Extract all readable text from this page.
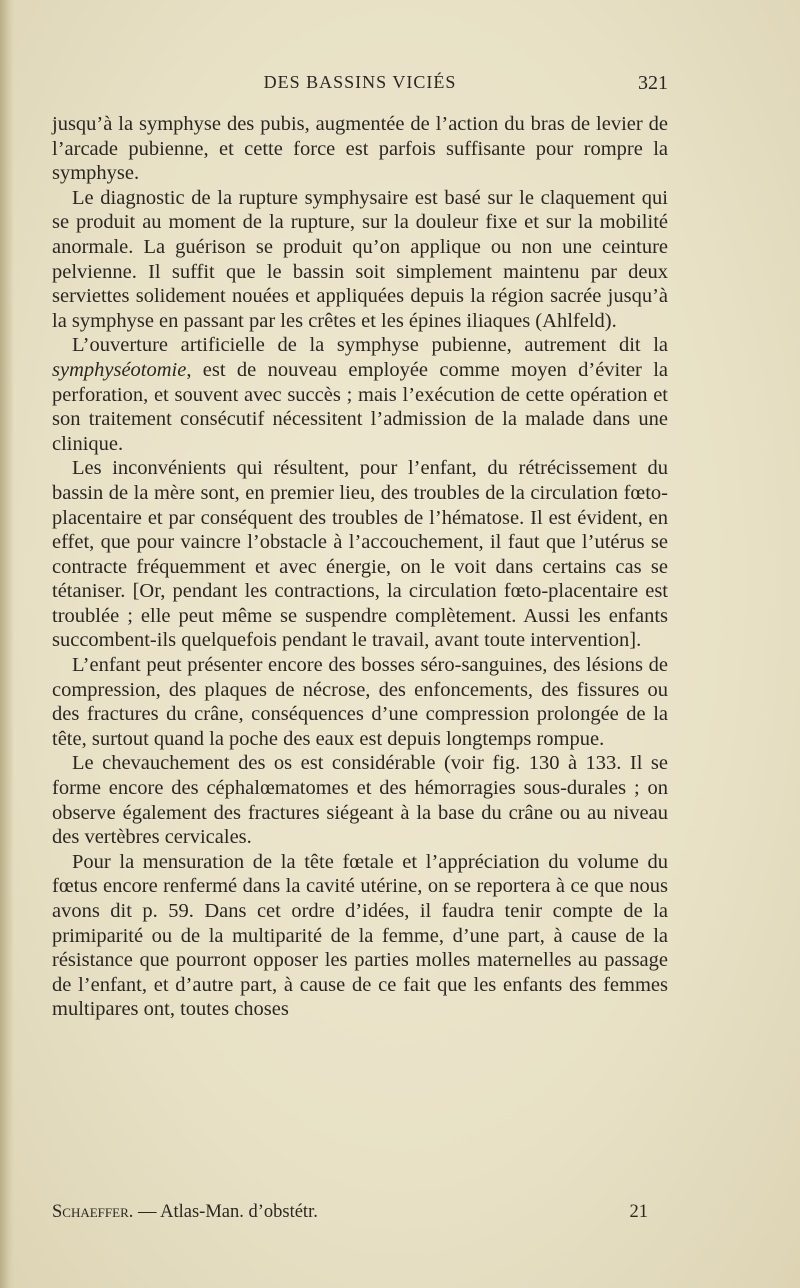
DES BASSINS VICIÉS	321

jusqu’à la symphyse des pubis, augmentée de l’action du bras de levier de l’arcade pubienne, et cette force est parfois suffisante pour rompre la symphyse.

Le diagnostic de la rupture symphysaire est basé sur le claquement qui se produit au moment de la rupture, sur la douleur fixe et sur la mobilité anormale. La guérison se produit qu’on applique ou non une ceinture pelvienne. Il suffit que le bassin soit simplement maintenu par deux serviettes solidement nouées et appliquées depuis la région sacrée jusqu’à la symphyse en passant par les crêtes et les épines iliaques (Ahlfeld).

L’ouverture artificielle de la symphyse pubienne, autrement dit la symphyséotomie, est de nouveau employée comme moyen d’éviter la perforation, et souvent avec succès ; mais l’exécution de cette opération et son traitement consécutif nécessitent l’admission de la malade dans une clinique.

Les inconvénients qui résultent, pour l’enfant, du rétrécissement du bassin de la mère sont, en premier lieu, des troubles de la circulation fœto-placentaire et par conséquent des troubles de l’hématose. Il est évident, en effet, que pour vaincre l’obstacle à l’accouchement, il faut que l’utérus se contracte fréquemment et avec énergie, on le voit dans certains cas se tétaniser. [Or, pendant les contractions, la circulation fœto-placentaire est troublée ; elle peut même se suspendre complètement. Aussi les enfants succombent-ils quelquefois pendant le travail, avant toute intervention].

L’enfant peut présenter encore des bosses séro-sanguines, des lésions de compression, des plaques de nécrose, des enfoncements, des fissures ou des fractures du crâne, conséquences d’une compression prolongée de la tête, surtout quand la poche des eaux est depuis longtemps rompue.

Le chevauchement des os est considérable (voir fig. 130 à 133. Il se forme encore des céphalœmatomes et des hémorragies sous-durales ; on observe également des fractures siégeant à la base du crâne ou au niveau des vertèbres cervicales.

Pour la mensuration de la tête fœtale et l’appréciation du volume du fœtus encore renfermé dans la cavité utérine, on se reportera à ce que nous avons dit p. 59. Dans cet ordre d’idées, il faudra tenir compte de la primiparité ou de la multiparité de la femme, d’une part, à cause de la résistance que pourront opposer les parties molles maternelles au passage de l’enfant, et d’autre part, à cause de ce fait que les enfants des femmes multipares ont, toutes choses

Schaeffer. — Atlas-Man. d’obstétr.	21
